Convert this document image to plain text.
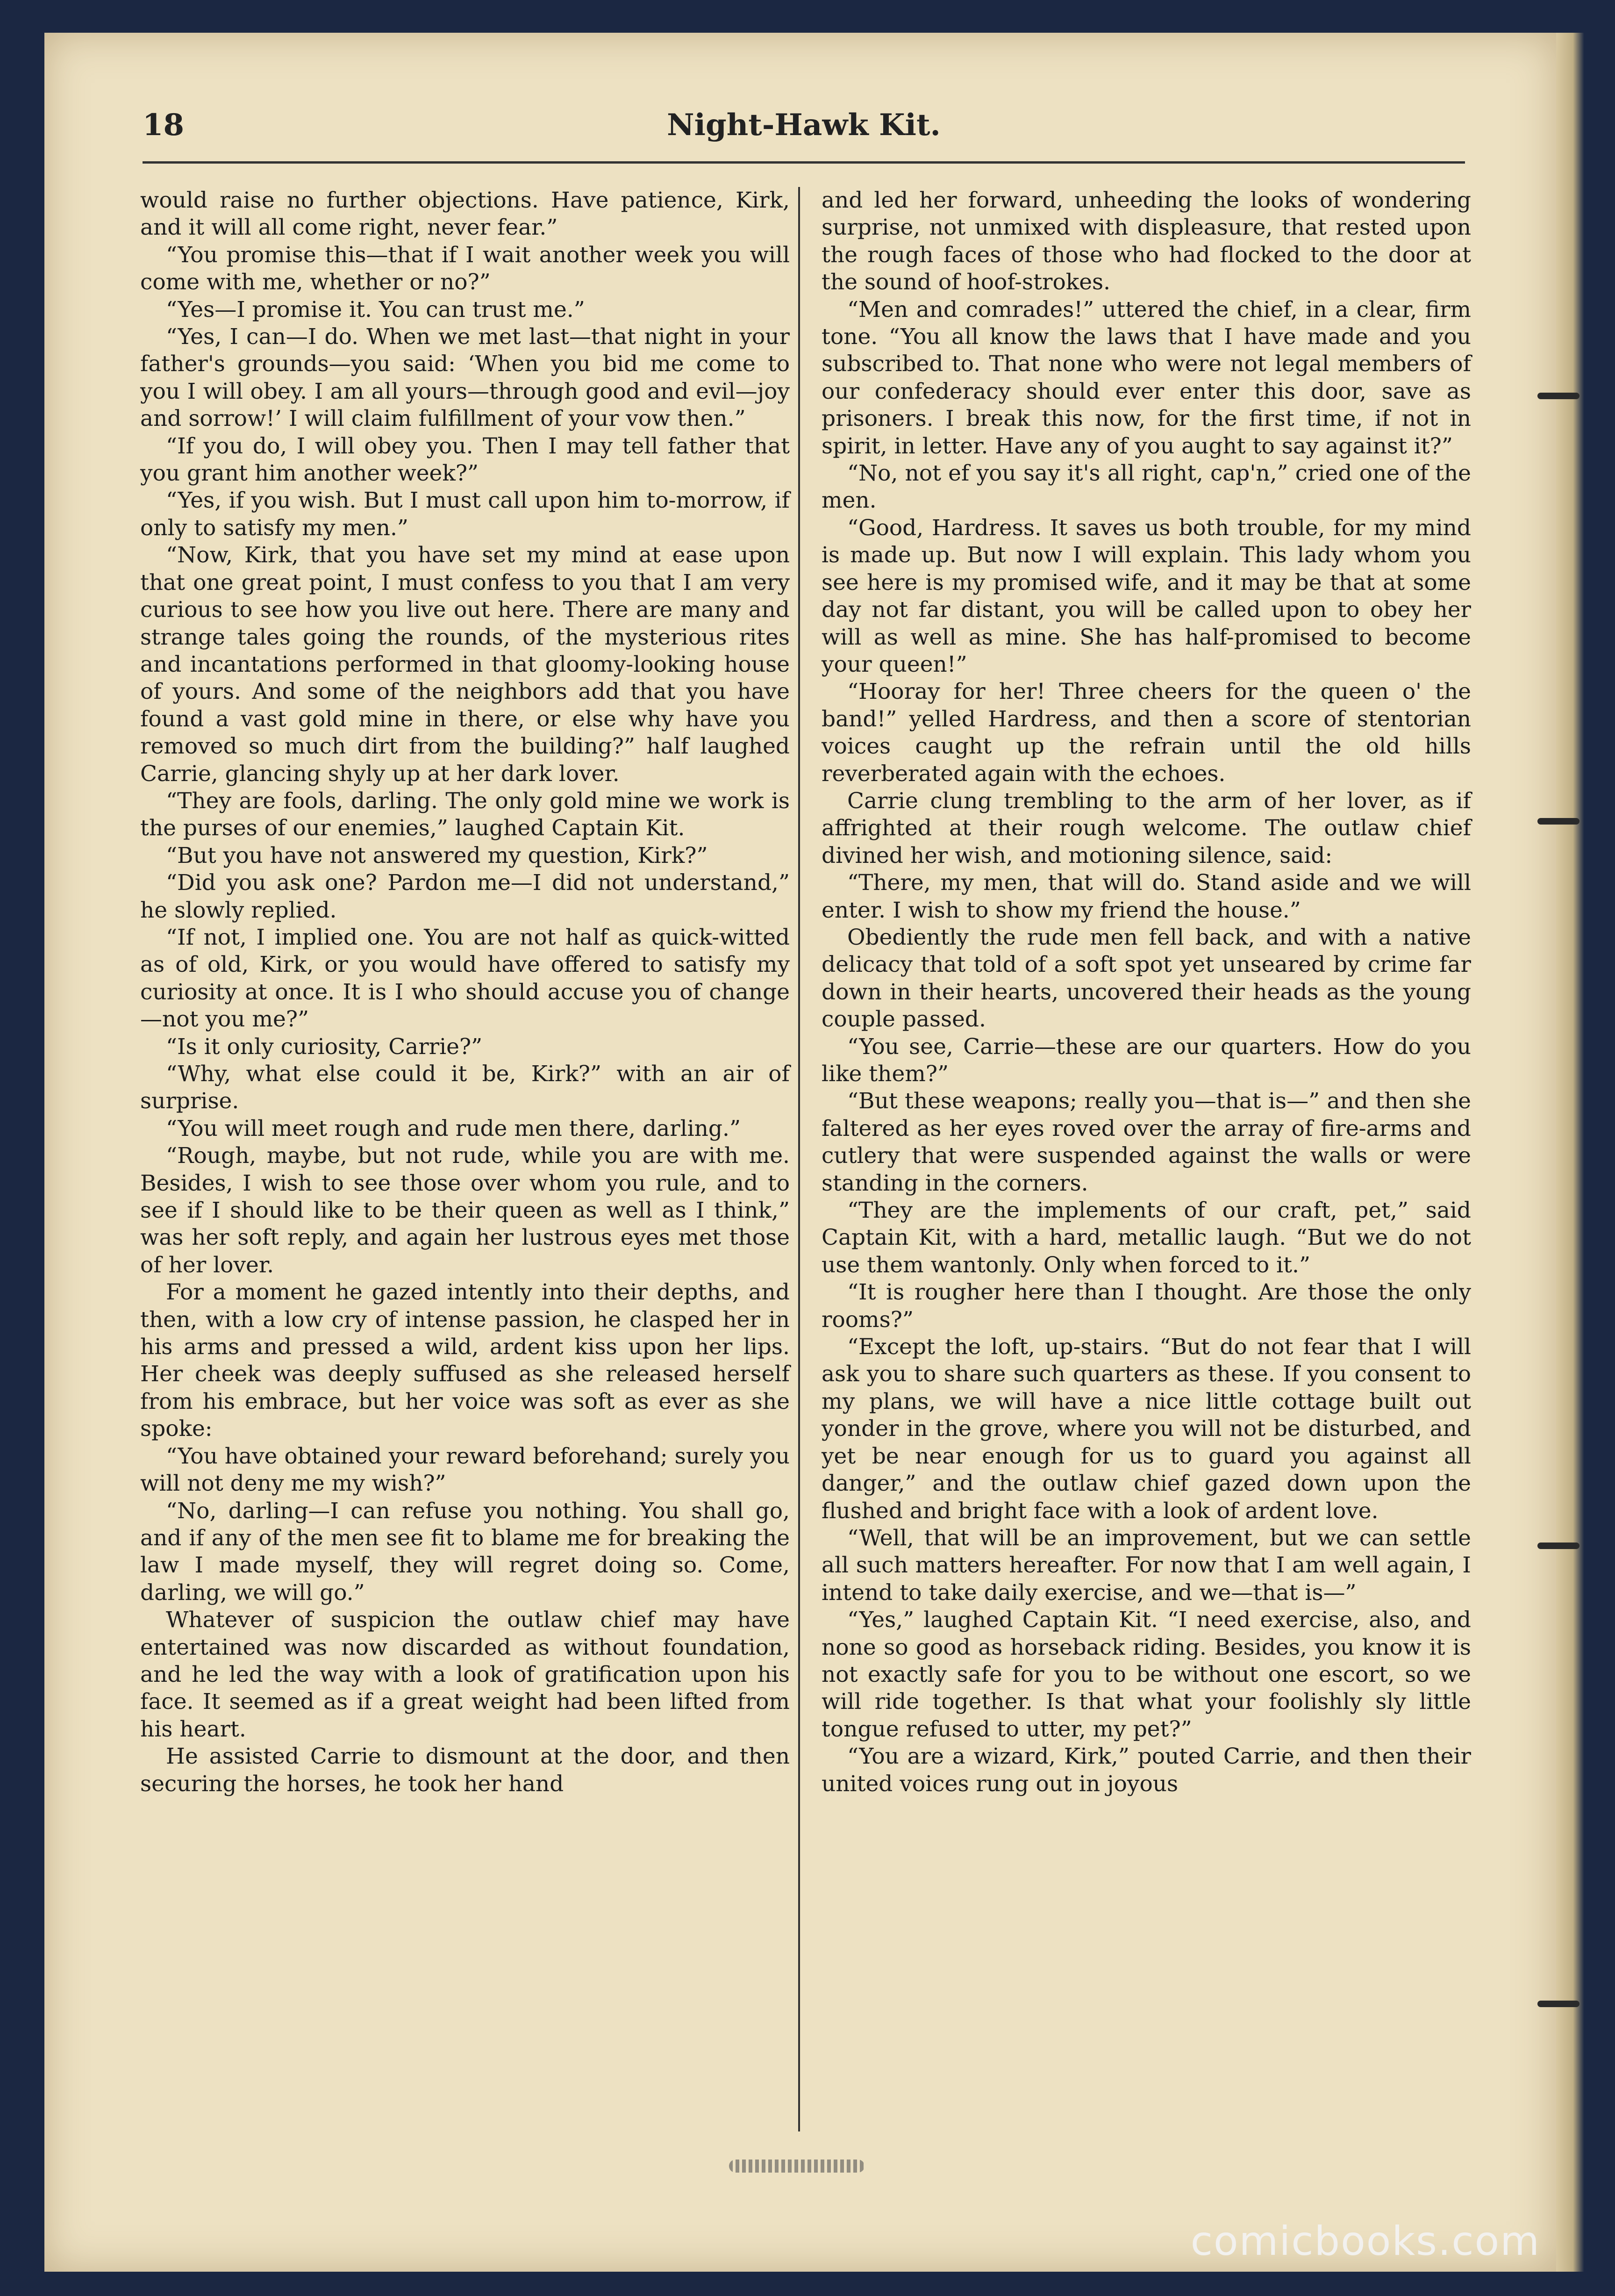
18	Night-Hawk Kit.

would raise no further objections. Have patience, Kirk, and it will all come right, never fear.”

“You promise this—that if I wait another week you will come with me, whether or no?”

“Yes—I promise it. You can trust me.”

“Yes, I can—I do. When we met last—that night in your father's grounds—you said: ‘When you bid me come to you I will obey. I am all yours—through good and evil—joy and sorrow!’ I will claim fulfillment of your vow then.”

“If you do, I will obey you. Then I may tell father that you grant him another week?”

“Yes, if you wish. But I must call upon him to-morrow, if only to satisfy my men.”

“Now, Kirk, that you have set my mind at ease upon that one great point, I must confess to you that I am very curious to see how you live out here. There are many and strange tales going the rounds, of the mysterious rites and incantations performed in that gloomy-looking house of yours. And some of the neighbors add that you have found a vast gold mine in there, or else why have you removed so much dirt from the building?” half laughed Carrie, glancing shyly up at her dark lover.

“They are fools, darling. The only gold mine we work is the purses of our enemies,” laughed Captain Kit.

“But you have not answered my question, Kirk?”

“Did you ask one? Pardon me—I did not understand,” he slowly replied.

“If not, I implied one. You are not half as quick-witted as of old, Kirk, or you would have offered to satisfy my curiosity at once. It is I who should accuse you of change—not you me?”

“Is it only curiosity, Carrie?”

“Why, what else could it be, Kirk?” with an air of surprise.

“You will meet rough and rude men there, darling.”

“Rough, maybe, but not rude, while you are with me. Besides, I wish to see those over whom you rule, and to see if I should like to be their queen as well as I think,” was her soft reply, and again her lustrous eyes met those of her lover.

For a moment he gazed intently into their depths, and then, with a low cry of intense passion, he clasped her in his arms and pressed a wild, ardent kiss upon her lips. Her cheek was deeply suffused as she released herself from his embrace, but her voice was soft as ever as she spoke:

“You have obtained your reward beforehand; surely you will not deny me my wish?”

“No, darling—I can refuse you nothing. You shall go, and if any of the men see fit to blame me for breaking the law I made myself, they will regret doing so. Come, darling, we will go.”

Whatever of suspicion the outlaw chief may have entertained was now discarded as without foundation, and he led the way with a look of gratification upon his face. It seemed as if a great weight had been lifted from his heart.

He assisted Carrie to dismount at the door, and then securing the horses, he took her hand

and led her forward, unheeding the looks of wondering surprise, not unmixed with displeasure, that rested upon the rough faces of those who had flocked to the door at the sound of hoof-strokes.

“Men and comrades!” uttered the chief, in a clear, firm tone. “You all know the laws that I have made and you subscribed to. That none who were not legal members of our confederacy should ever enter this door, save as prisoners. I break this now, for the first time, if not in spirit, in letter. Have any of you aught to say against it?”

“No, not ef you say it's all right, cap'n,” cried one of the men.

“Good, Hardress. It saves us both trouble, for my mind is made up. But now I will explain. This lady whom you see here is my promised wife, and it may be that at some day not far distant, you will be called upon to obey her will as well as mine. She has half-promised to become your queen!”

“Hooray for her! Three cheers for the queen o' the band!” yelled Hardress, and then a score of stentorian voices caught up the refrain until the old hills reverberated again with the echoes.

Carrie clung trembling to the arm of her lover, as if affrighted at their rough welcome. The outlaw chief divined her wish, and motioning silence, said:

“There, my men, that will do. Stand aside and we will enter. I wish to show my friend the house.”

Obediently the rude men fell back, and with a native delicacy that told of a soft spot yet unseared by crime far down in their hearts, uncovered their heads as the young couple passed.

“You see, Carrie—these are our quarters. How do you like them?”

“But these weapons; really you—that is—” and then she faltered as her eyes roved over the array of fire-arms and cutlery that were suspended against the walls or were standing in the corners.

“They are the implements of our craft, pet,” said Captain Kit, with a hard, metallic laugh. “But we do not use them wantonly. Only when forced to it.”

“It is rougher here than I thought. Are those the only rooms?”

“Except the loft, up-stairs. “But do not fear that I will ask you to share such quarters as these. If you consent to my plans, we will have a nice little cottage built out yonder in the grove, where you will not be disturbed, and yet be near enough for us to guard you against all danger,” and the outlaw chief gazed down upon the flushed and bright face with a look of ardent love.

“Well, that will be an improvement, but we can settle all such matters hereafter. For now that I am well again, I intend to take daily exercise, and we—that is—”

“Yes,” laughed Captain Kit. “I need exercise, also, and none so good as horseback riding. Besides, you know it is not exactly safe for you to be without one escort, so we will ride together. Is that what your foolishly sly little tongue refused to utter, my pet?”

“You are a wizard, Kirk,” pouted Carrie, and then their united voices rung out in joyous

comicbooks.com
